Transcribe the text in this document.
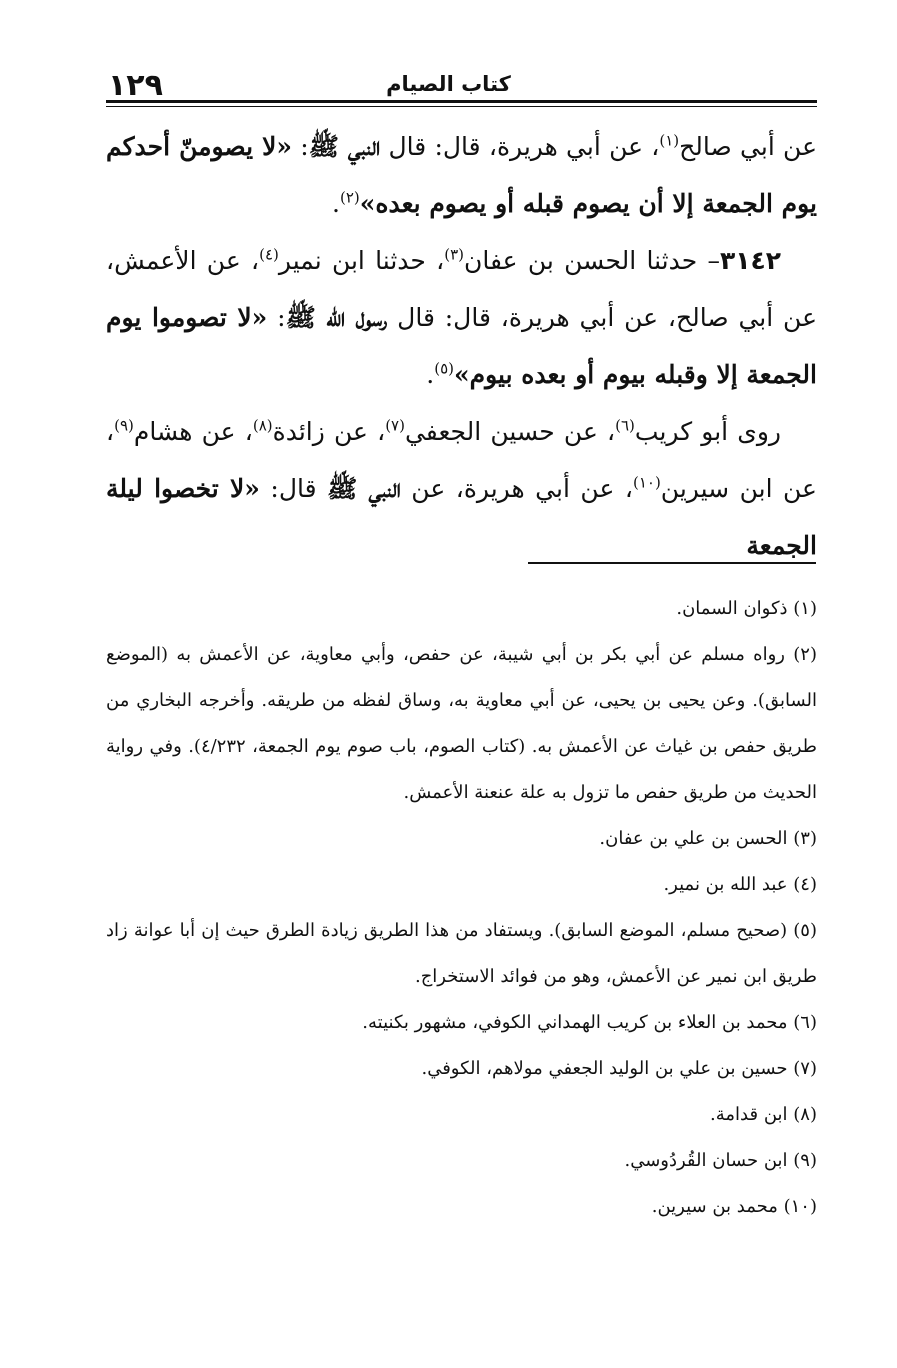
١٢٩	كتاب الصيام

عن أبي صالح$^{(١)}$، عن أبي هريرة، قال: قال النبي ﷺ: «لا يصومنّ أحدكم يوم الجمعة إلا أن يصوم قبله أو يصوم بعده»$^{(٢)}$.

٣١٤٢– حدثنا الحسن بن عفان$^{(٣)}$، حدثنا ابن نمير$^{(٤)}$، عن الأعمش، عن أبي صالح، عن أبي هريرة، قال: قال رسول الله ﷺ: «لا تصوموا يوم الجمعة إلا وقبله بيوم أو بعده بيوم»$^{(٥)}$.

روى أبو كريب$^{(٦)}$، عن حسين الجعفي$^{(٧)}$، عن زائدة$^{(٨)}$، عن هشام$^{(٩)}$، عن ابن سيرين$^{(١٠)}$، عن أبي هريرة، عن النبي ﷺ قال: «لا تخصوا ليلة الجمعة

(١) ذكوان السمان.

(٢) رواه مسلم عن أبي بكر بن أبي شيبة، عن حفص، وأبي معاوية، عن الأعمش به (الموضع السابق). وعن يحيى بن يحيى، عن أبي معاوية به، وساق لفظه من طريقه. وأخرجه البخاري من طريق حفص بن غياث عن الأعمش به. (كتاب الصوم، باب صوم يوم الجمعة، ٤/٢٣٢). وفي رواية الحديث من طريق حفص ما تزول به علة عنعنة الأعمش.

(٣) الحسن بن علي بن عفان.

(٤) عبد الله بن نمير.

(٥) (صحيح مسلم، الموضع السابق). ويستفاد من هذا الطريق زيادة الطرق حيث إن أبا عوانة زاد طريق ابن نمير عن الأعمش، وهو من فوائد الاستخراج.

(٦) محمد بن العلاء بن كريب الهمداني الكوفي، مشهور بكنيته.

(٧) حسين بن علي بن الوليد الجعفي مولاهم، الكوفي.

(٨) ابن قدامة.

(٩) ابن حسان القُردُوسي.

(١٠) محمد بن سيرين.
